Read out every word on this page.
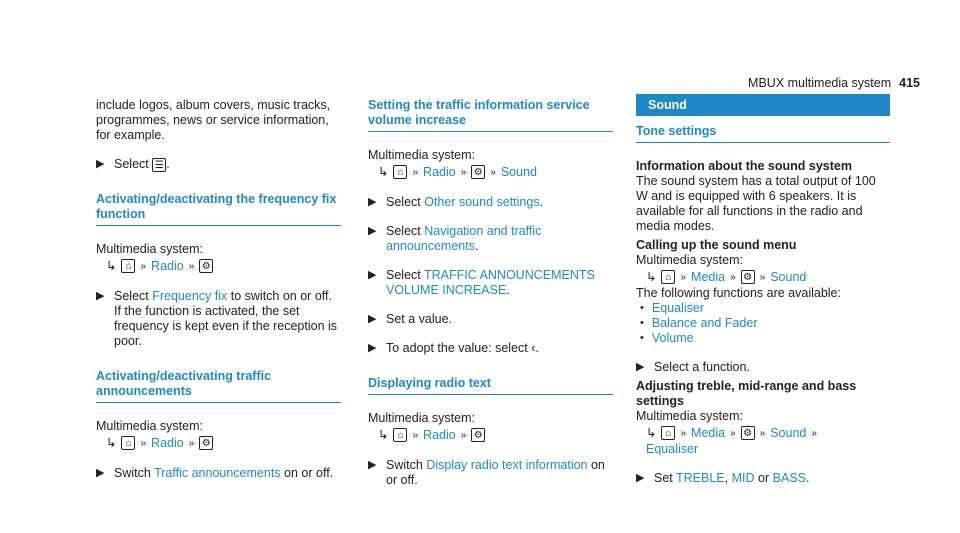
MBUX multimedia system 415
include logos, album covers, music tracks, programmes, news or service information, for example.
▶ Select ☰ .
Activating/deactivating the frequency fix function
Multimedia system:
↳ ⌂ » Radio » ⚙
▶ Select Frequency fix to switch on or off. If the function is activated, the set frequency is kept even if the reception is poor.
Activating/deactivating traffic announcements
Multimedia system:
↳ ⌂ » Radio » ⚙
▶ Switch Traffic announcements on or off.
Setting the traffic information service volume increase
Multimedia system:
↳ ⌂ » Radio » ⚙ » Sound
▶ Select Other sound settings.
▶ Select Navigation and traffic announcements.
▶ Select TRAFFIC ANNOUNCEMENTS VOLUME INCREASE.
▶ Set a value.
▶ To adopt the value: select ‹.
Displaying radio text
Multimedia system:
↳ ⌂ » Radio » ⚙
▶ Switch Display radio text information on or off.
Sound
Tone settings
Information about the sound system
The sound system has a total output of 100 W and is equipped with 6 speakers. It is available for all functions in the radio and media modes.
Calling up the sound menu
Multimedia system:
↳ ⌂ » Media » ⚙ » Sound
The following functions are available:
• Equaliser
• Balance and Fader
• Volume
▶ Select a function.
Adjusting treble, mid-range and bass settings
Multimedia system:
↳ ⌂ » Media » ⚙ » Sound »
Equaliser
▶ Set TREBLE, MID or BASS.
